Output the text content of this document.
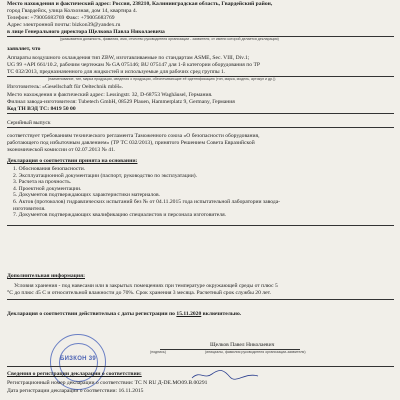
Место нахождения и фактический адрес: Россия, 238210, Калининградская область, Гвардейский район,
город Гвардейск, улица Колхозная, дом 14, квартира 4.
Телефон: +79005683769 Факс: +79005683769
Адрес электронной почты: bizkon39@yandex.ru
в лице Генерального директора Щелкова Павла Николаевича
(указывается должность, фамилия, имя, отчество руководителя организации - заявителя, от имени которой делается декларация)
заявляет, что
Аппараты воздушного охлаждения тип ZBW, изготавливаемые по стандартам ASME, Sec. VIII, Div.1;
UG 99 +API 661/10.2, рабочим чертежам № GA 075146; BU 075147 для 1-й категории оборудования по ТР
ТС 032/2013, предназначенного для жидкостей и используемые для рабочих сред группы 1.
(наименование, тип, марка продукции, сведения о продукции, обеспечивающие её идентификацию (тип, марка, модель, артикул и др.))
Изготовитель: «Gesellschaft für Oeltechnik mbH».
Место нахождения и фактический адрес: Lessingstr. 32, D-68753 Waghäusel, Германия.
Филиал завода-изготовителя: Tubetech GmbH, 08529 Plauen, Hammerplatz 9, Germany, Германия
Код ТН ВЭД ТС: 8419 50 00
Серийный выпуск
соответствует требованиям технического регламента Таможенного союза «О безопасности оборудования,
работающего под избыточным давлением» (ТР ТС 032/2013), принятого Решением Совета Евразийской
экономической комиссии от 02.07.2013 № 41.
Декларация о соответствии принята на основании:
1. Обоснования безопасности.
2. Эксплуатационной документации (паспорт, руководство по эксплуатации).
3. Расчета на прочность.
4. Проектной документации.
5. Документов подтверждающих характеристики материалов.
6. Актов (протоколов) гидравлических испытаний без № от 04.11.2015 года испытательной лаборатории завода-
изготовителя.
7. Документов подтверждающих квалификацию специалистов и персонала изготовителя.
Дополнительная информация:
Условия хранения - под навесами или в закрытых помещениях при температуре окружающей среды от плюс 5
°С до плюс 45 С и относительной влажности до 70%. Срок хранения 3 месяца. Расчетный срок службы 20 лет.
Декларация о соответствии действительна с даты регистрации по 15.11.2020 включительно.
Щелков Павел Николаевич
(подпись)	(инициалы, фамилия руководителя организации-заявителя)
БИЗКОН 39
Сведения о регистрации декларации о соответствии:
Регистрационный номер декларации о соответствии: ТС N RU Д-DE.МО09.В.00291
Дата регистрации декларации о соответствии: 16.11.2015
